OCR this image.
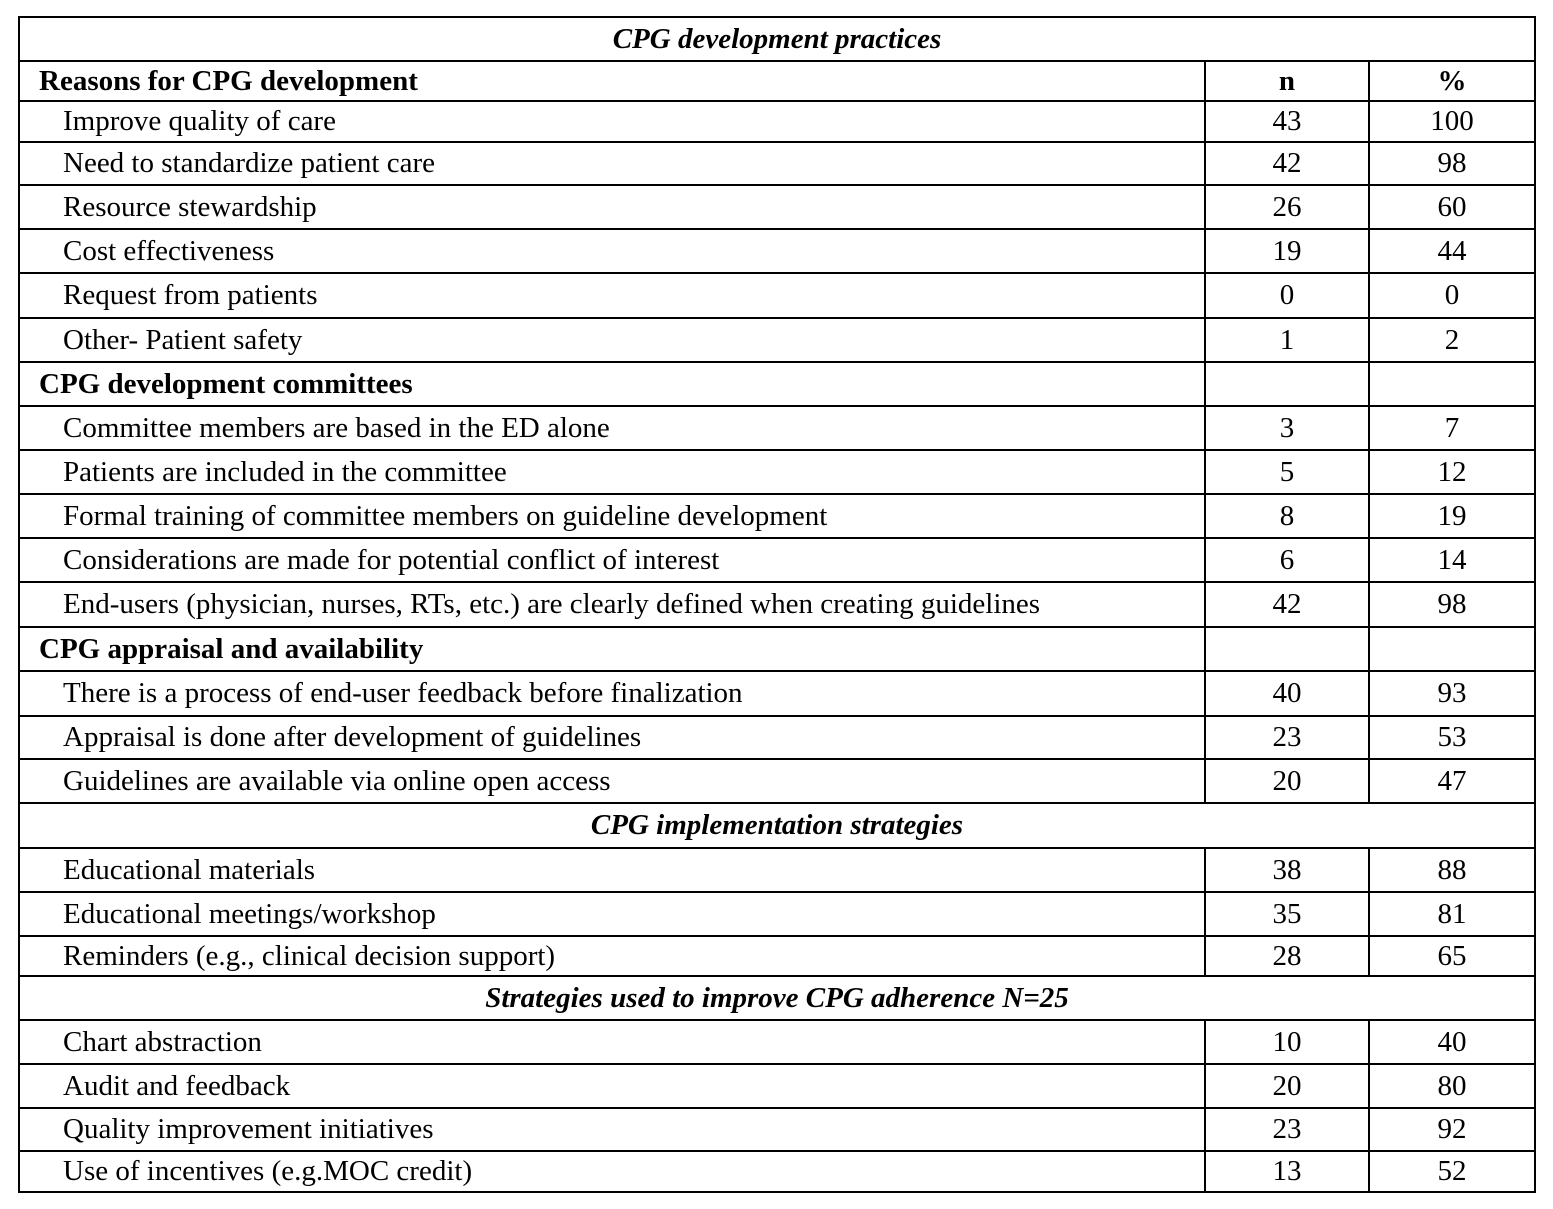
CPG development practices		
Reasons for CPG development	n	%
Improve quality of care	43	100
Need to standardize patient care	42	98
Resource stewardship	26	60
Cost effectiveness	19	44
Request from patients	0	0
Other- Patient safety	1	2
CPG development committees		
Committee members are based in the ED alone	3	7
Patients are included in the committee	5	12
Formal training of committee members on guideline development	8	19
Considerations are made for potential conflict of interest	6	14
End-users (physician, nurses, RTs, etc.) are clearly defined when creating guidelines	42	98
CPG appraisal and availability		
There is a process of end-user feedback before finalization	40	93
Appraisal is done after development of guidelines	23	53
Guidelines are available via online open access	20	47
CPG implementation strategies		
Educational materials	38	88
Educational meetings/workshop	35	81
Reminders (e.g., clinical decision support)	28	65
Strategies used to improve CPG adherence N=25		
Chart abstraction	10	40
Audit and feedback	20	80
Quality improvement initiatives	23	92
Use of incentives (e.g.MOC credit)	13	52
